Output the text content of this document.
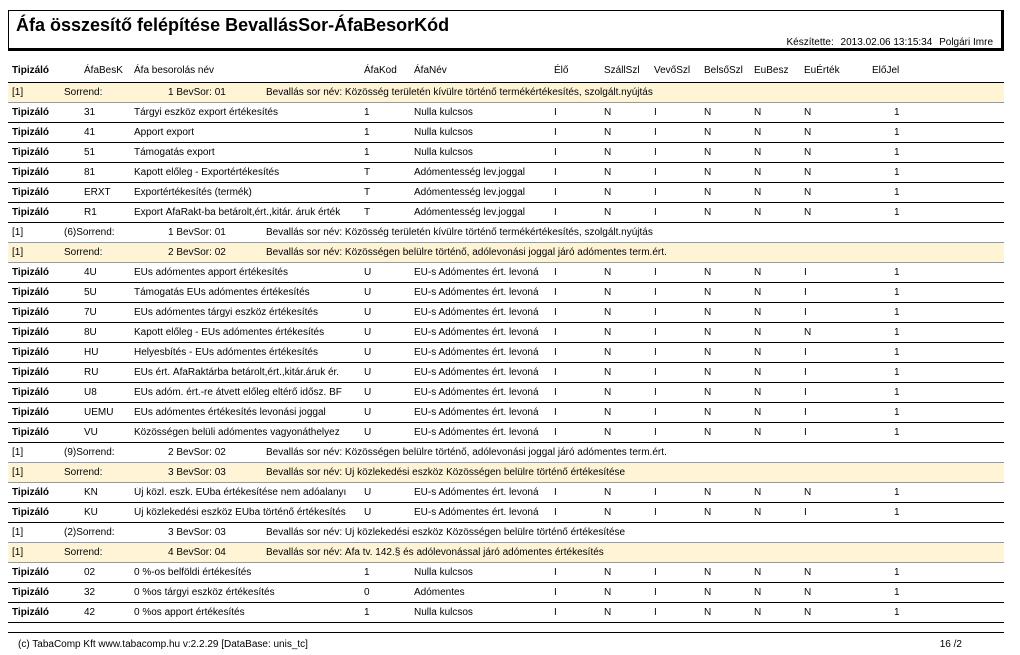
Áfa összesítő felépítése BevallásSor-ÁfaBesorKód
Készítette: 2013.02.06 13:15:34 Polgári Imre
Tipizáló	ÁfaBesK Áfa besorolás név	ÁfaKod ÁfaNév	Élő	SzállSzl VevőSzl BelsőSzl EuBesz EuÉrték	ElőJel
[1]	Sorrend:	1 BevSor: 01	Bevallás sor név: Közösség területén kívülre történő termékértékesítés, szolgált.nyújtás
Tipizáló	31	Tárgyi eszköz export értékesítés	1	Nulla kulcsos	I	N	I	N	N	N	1
Tipizáló	41	Apport export	1	Nulla kulcsos	I	N	I	N	N	N	1
Tipizáló	51	Támogatás export	1	Nulla kulcsos	I	N	I	N	N	N	1
Tipizáló	81	Kapott előleg - Exportértékesítés	T	Adómentesség lev.joggal	I	N	I	N	N	N	1
Tipizáló	ERXT Exportértékesítés (termék)	T	Adómentesség lev.joggal	I	N	I	N	N	N	1
Tipizáló	R1	Export ÁfaRakt-ba betárolt,ért.,kitár. áruk érték	T	Adómentesség lev.joggal	I	N	I	N	N	N	1
[1]	(6)Sorrend:	1 BevSor: 01	Bevallás sor név: Közösség területén kívülre történő termékértékesítés, szolgált.nyújtás
[1]	Sorrend:	2 BevSor: 02	Bevallás sor név: Közösségen belülre történő, adólevonási joggal járó adómentes term.ért.
Tipizáló	4U	EUs adómentes apport értékesítés	U	EU-s Adómentes ért. levoná	I	N	I	N	N	I	1
Tipizáló	5U	Támogatás EUs adómentes értékesítés	U	EU-s Adómentes ért. levoná	I	N	I	N	N	I	1
Tipizáló	7U	EUs adómentes tárgyi eszköz értékesítés	U	EU-s Adómentes ért. levoná	I	N	I	N	N	I	1
Tipizáló	8U	Kapott előleg - EUs adómentes értékesítés	U	EU-s Adómentes ért. levoná	I	N	I	N	N	N	1
Tipizáló	HU	Helyesbítés - EUs adómentes értékesítés	U	EU-s Adómentes ért. levoná	I	N	I	N	N	I	1
Tipizáló	RU	EUs ért. ÁfaRaktárba betárolt,ért.,kitár.áruk ér.	U	EU-s Adómentes ért. levoná	I	N	I	N	N	I	1
Tipizáló	U8	EUs adóm. ért.-re átvett előleg eltérő idősz. BF	U	EU-s Adómentes ért. levoná	I	N	I	N	N	I	1
Tipizáló	UEMU EUs adómentes értékesítés levonási joggal	U	EU-s Adómentes ért. levoná	I	N	I	N	N	I	1
Tipizáló	VU	Közösségen belüli adómentes vagyonáthelyez	U	EU-s Adómentes ért. levoná	I	N	I	N	N	I	1
[1]	(9)Sorrend:	2 BevSor: 02	Bevallás sor név: Közösségen belülre történő, adólevonási joggal járó adómentes term.ért.
[1]	Sorrend:	3 BevSor: 03	Bevallás sor név: Új közlekedési eszköz Közösségen belülre történő értékesítése
Tipizáló	KN	Új közl. eszk. EUba értékesítése nem adóalanyı	U	EU-s Adómentes ért. levoná	I	N	I	N	N	N	1
Tipizáló	KU	Új közlekedési eszköz EUba történő értékesítés	U	EU-s Adómentes ért. levoná	I	N	I	N	N	I	1
[1]	(2)Sorrend:	3 BevSor: 03	Bevallás sor név: Új közlekedési eszköz Közösségen belülre történő értékesítése
[1]	Sorrend:	4 BevSor: 04	Bevallás sor név: Áfa tv. 142.§ és adólevonással járó adómentes értékesítés
Tipizáló	02	0 %-os belföldi értékesítés	1	Nulla kulcsos	I	N	I	N	N	N	1
Tipizáló	32	0 %os tárgyi eszköz értékesítés	0	Adómentes	I	N	I	N	N	N	1
Tipizáló	42	0 %os apport értékesítés	1	Nulla kulcsos	I	N	I	N	N	N	1
(c) TabaComp Kft www.tabacomp.hu v:2.2.29 [DataBase: unis_tc]	16 /2
